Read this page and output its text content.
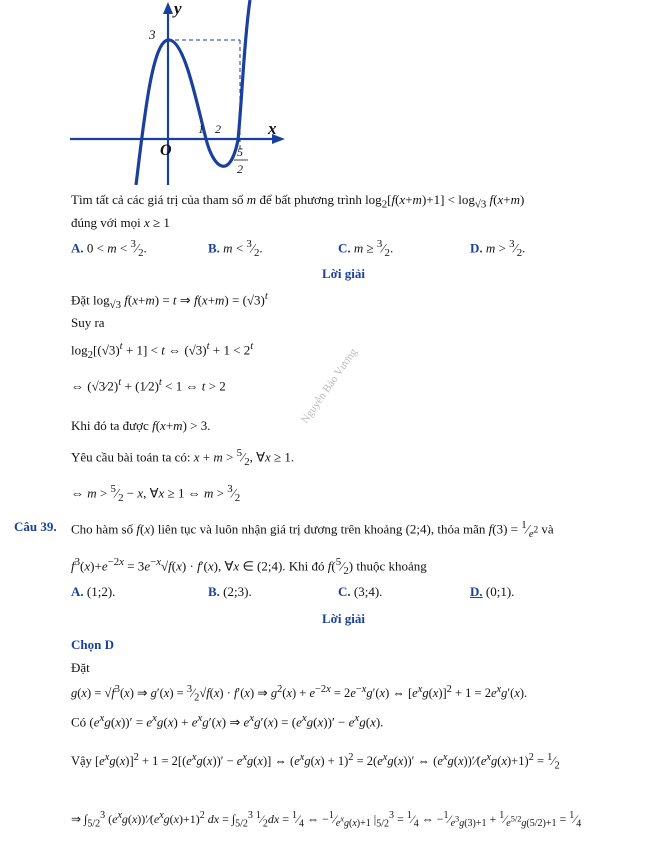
y
x
O
3
1 2
5
2
Tìm tất cả các giá trị của tham số m để bất phương trình $\log_2[f(x+m)+1] < \log_{√3} f(x+m)$
đúng với mọi x ≥ 1
A. $0 < m < ^3⁄_2$.	B. $m < ^3⁄_2$.	C. $m \ge ^3⁄_2$.	D. $m > ^3⁄_2$.
Lời giải
Đặt $\log_{√3} f(x+m) = t$ ⇒ $f(x+m) = (√3)^t$
Suy ra
$\log_2[(√3)^t + 1] < t$ ⇔ $(√3)^t + 1 < 2^t$
⇔ (√3⁄2)$^t$ + (1⁄2)$^t$ < 1 ⇔ t > 2
Khi đó ta được f(x+m) > 3.
Yêu cầu bài toán ta có: $x + m > ^5⁄_2$, ∀x ≥ 1.
⇔ $m > ^5⁄_2 - x$, ∀x ≥ 1 ⇔ $m > ^3⁄_2$
Nguyễn Bảo Vương
Câu 39. Cho hàm số f(x) liên tục và luôn nhận giá trị dương trên khoảng (2;4), thỏa mãn $f(3) = ^1⁄_{e^2}$ và
$f^3(x)+e^{-2x} = 3e^{-x}√f(x) \cdot f'(x)$, ∀x ∈ (2;4). Khi đó $f(^5⁄_2)$ thuộc khoảng
A. (1;2).	B. (2;3).	C. (3;4).	D. (0;1).
Lời giải
Chọn D
Đặt
$g(x) = √f^3(x)$ ⇒ $g'(x) = ^3⁄_2√f(x) \cdot f'(x)$ ⇒ $g^2(x) + e^{-2x} = 2e^{-x}g'(x)$ ⇔ $[e^xg(x)]^2 + 1 = 2e^xg'(x)$.
Có $(e^xg(x))' = e^xg(x) + e^xg'(x)$ ⇒ $e^xg'(x) = (e^xg(x))' - e^xg(x)$.
Vậy $[e^xg(x)]^2 + 1 = 2[(e^xg(x))' - e^xg(x)]$ ⇔ $(e^xg(x) + 1)^2 = 2(e^xg(x))'$ ⇔ $(e^xg(x))'⁄(e^xg(x)+1)^2$ = $^1⁄_2$
⇒ $\int_{5/2}^3$ $(e^xg(x))'⁄(e^xg(x)+1)^2$ dx = $\int_{5/2}^3$ $^1⁄_2dx$ = $^1⁄_4$ ⇔ $-^1⁄_{e^xg(x)+1}$ $|_{5/2}^3$ = $^1⁄_4$ ⇔ $-^1⁄_{e^3g(3)+1}$ + $^1⁄_{e^{5/2}g(5/2)+1}$ = $^1⁄_4$
